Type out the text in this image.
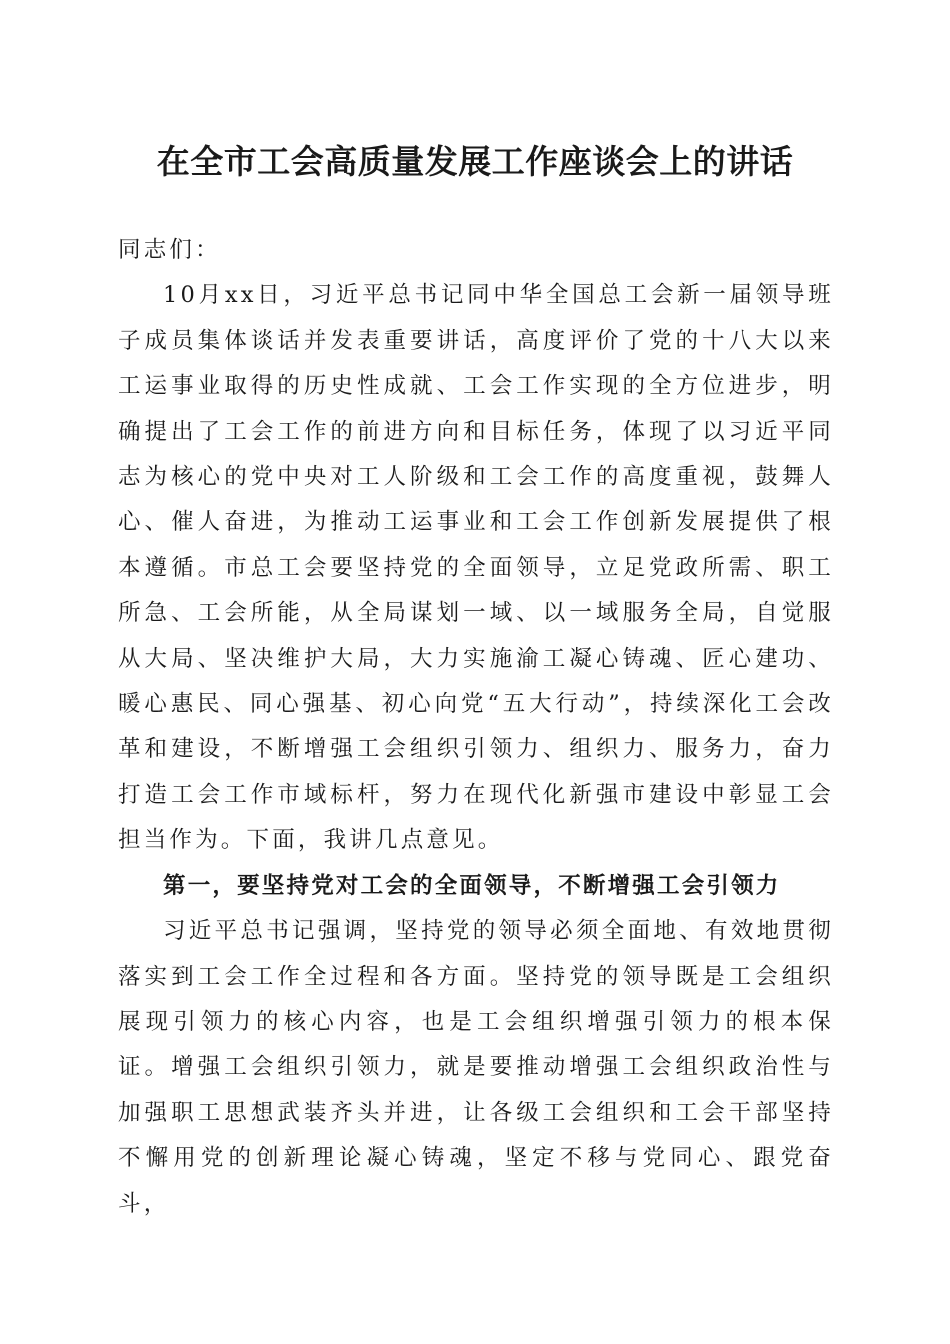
在全市工会高质量发展工作座谈会上的讲话

同志们：

10月xx日，习近平总书记同中华全国总工会新一届领导班子成员集体谈话并发表重要讲话，高度评价了党的十八大以来工运事业取得的历史性成就、工会工作实现的全方位进步，明确提出了工会工作的前进方向和目标任务，体现了以习近平同志为核心的党中央对工人阶级和工会工作的高度重视，鼓舞人心、催人奋进，为推动工运事业和工会工作创新发展提供了根本遵循。市总工会要坚持党的全面领导，立足党政所需、职工所急、工会所能，从全局谋划一域、以一域服务全局，自觉服从大局、坚决维护大局，大力实施渝工凝心铸魂、匠心建功、暖心惠民、同心强基、初心向党“五大行动”，持续深化工会改革和建设，不断增强工会组织引领力、组织力、服务力，奋力打造工会工作市域标杆，努力在现代化新强市建设中彰显工会担当作为。下面，我讲几点意见。

第一，要坚持党对工会的全面领导，不断增强工会引领力

习近平总书记强调，坚持党的领导必须全面地、有效地贯彻落实到工会工作全过程和各方面。坚持党的领导既是工会组织展现引领力的核心内容，也是工会组织增强引领力的根本保证。增强工会组织引领力，就是要推动增强工会组织政治性与加强职工思想武装齐头并进，让各级工会组织和工会干部坚持不懈用党的创新理论凝心铸魂，坚定不移与党同心、跟党奋斗，
